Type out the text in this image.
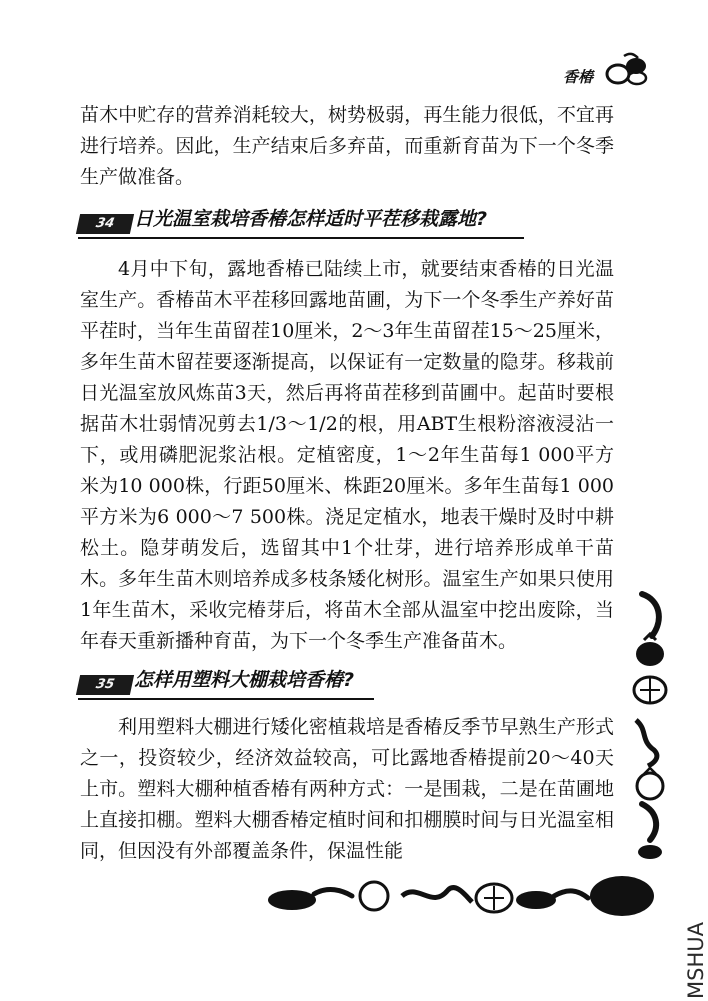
香椿

苗木中贮存的营养消耗较大，树势极弱，再生能力很低，不宜再进行培养。因此，生产结束后多弃苗，而重新育苗为下一个冬季生产做准备。

34 日光温室栽培香椿怎样适时平茬移栽露地?

4月中下旬，露地香椿已陆续上市，就要结束香椿的日光温室生产。香椿苗木平茬移回露地苗圃，为下一个冬季生产养好苗 平茬时，当年生苗留茬10厘米，2～3年生苗留茬15～25厘米，多年生苗木留茬要逐渐提高，以保证有一定数量的隐芽。移栽前日光温室放风炼苗3天，然后再将苗茬移到苗圃中。起苗时要根据苗木壮弱情况剪去1/3～1/2的根，用ABT生根粉溶液浸沾一下，或用磷肥泥浆沾根。定植密度，1～2年生苗每1 000平方米为10 000株，行距50厘米、株距20厘米。多年生苗每1 000平方米为6 000～7 500株。浇足定植水，地表干燥时及时中耕松土。隐芽萌发后，选留其中1个壮芽，进行培养形成单干苗木。多年生苗木则培养成多枝条矮化树形。温室生产如果只使用1年生苗木，采收完椿芽后，将苗木全部从温室中挖出废除，当年春天重新播种育苗，为下一个冬季生产准备苗木。

35 怎样用塑料大棚栽培香椿?

利用塑料大棚进行矮化密植栽培是香椿反季节早熟生产形式之一，投资较少，经济效益较高，可比露地香椿提前20～40天上市。塑料大棚种植香椿有两种方式：一是围栽，二是在苗圃地上直接扣棚。塑料大棚香椿定植时间和扣棚膜时间与日光温室相同，但因没有外部覆盖条件，保温性能

MSHUA
